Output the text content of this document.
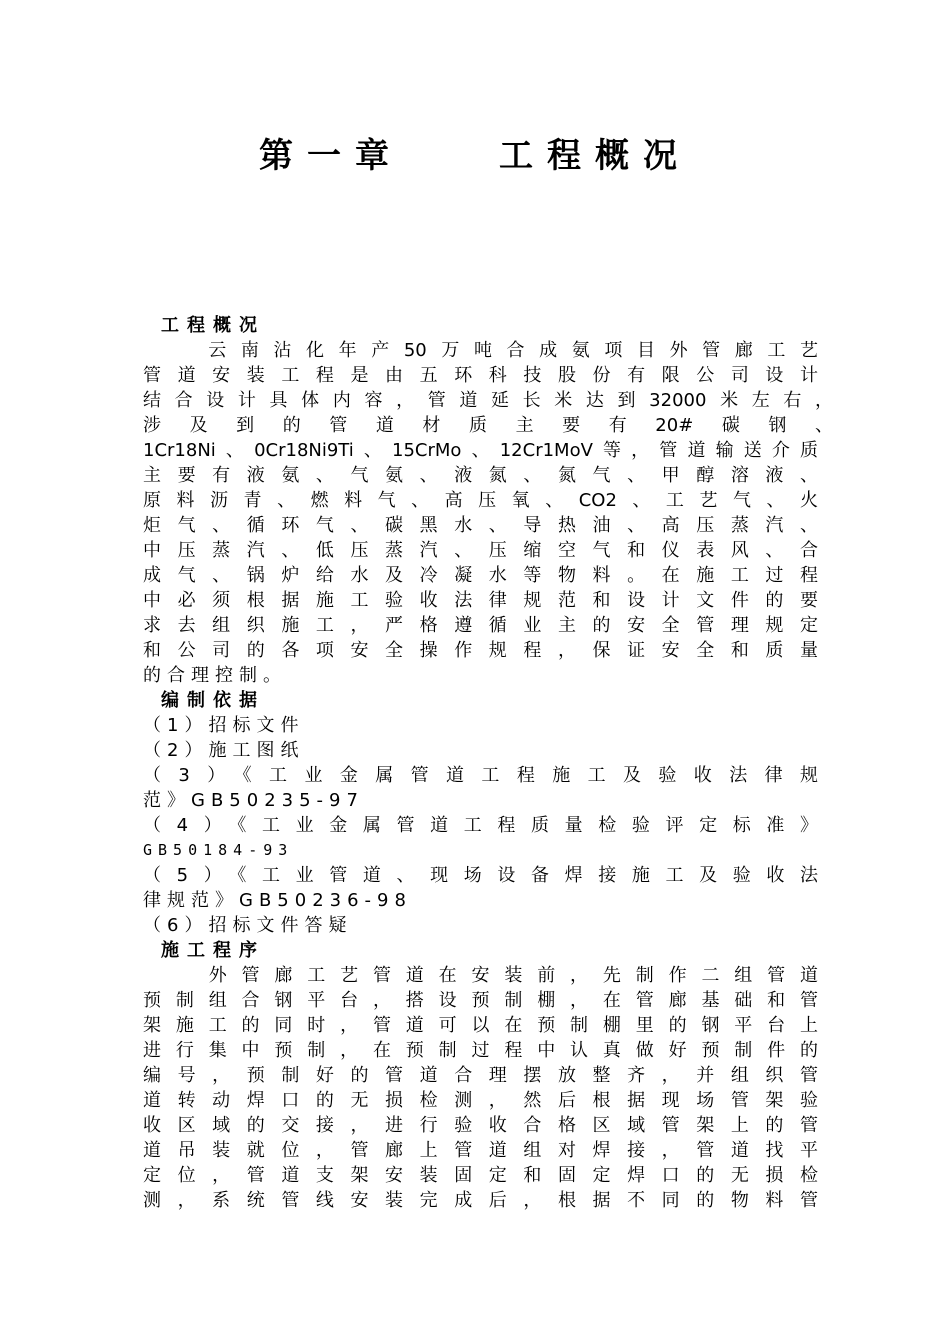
第一章　　工程概况
工程概况
　　云南沾化年产50万吨合成氨项目外管廊工艺
管道安装工程是由五环科技股份有限公司设计
结合设计具体内容，管道延长米达到32000米左右，
涉及到的管道材质主要有20#碳钢、
1Cr18Ni、0Cr18Ni9Ti、15CrMo、12Cr1MoV等，管道输送介质
主要有液氨、气氨、液氮、氮气、甲醇溶液、
原料沥青、燃料气、高压氧、CO2、工艺气、火
炬气、循环气、碳黑水、导热油、高压蒸汽、
中压蒸汽、低压蒸汽、压缩空气和仪表风、合
成气、锅炉给水及冷凝水等物料。在施工过程
中必须根据施工验收法律规范和设计文件的要
求去组织施工，严格遵循业主的安全管理规定
和公司的各项安全操作规程，保证安全和质量
的合理控制。
编制依据
（1）招标文件
（2）施工图纸
（3）《工业金属管道工程施工及验收法律规
范》GB50235-97
（4）《工业金属管道工程质量检验评定标准》
GB50184-93
（5）《工业管道、现场设备焊接施工及验收法
律规范》GB50236-98
（6）招标文件答疑
施工程序
　　外管廊工艺管道在安装前，先制作二组管道
预制组合钢平台，搭设预制棚，在管廊基础和管
架施工的同时，管道可以在预制棚里的钢平台上
进行集中预制，在预制过程中认真做好预制件的
编号，预制好的管道合理摆放整齐，并组织管
道转动焊口的无损检测，然后根据现场管架验
收区域的交接，进行验收合格区域管架上的管
道吊装就位，管廊上管道组对焊接，管道找平
定位，管道支架安装固定和固定焊口的无损检
测，系统管线安装完成后，根据不同的物料管
